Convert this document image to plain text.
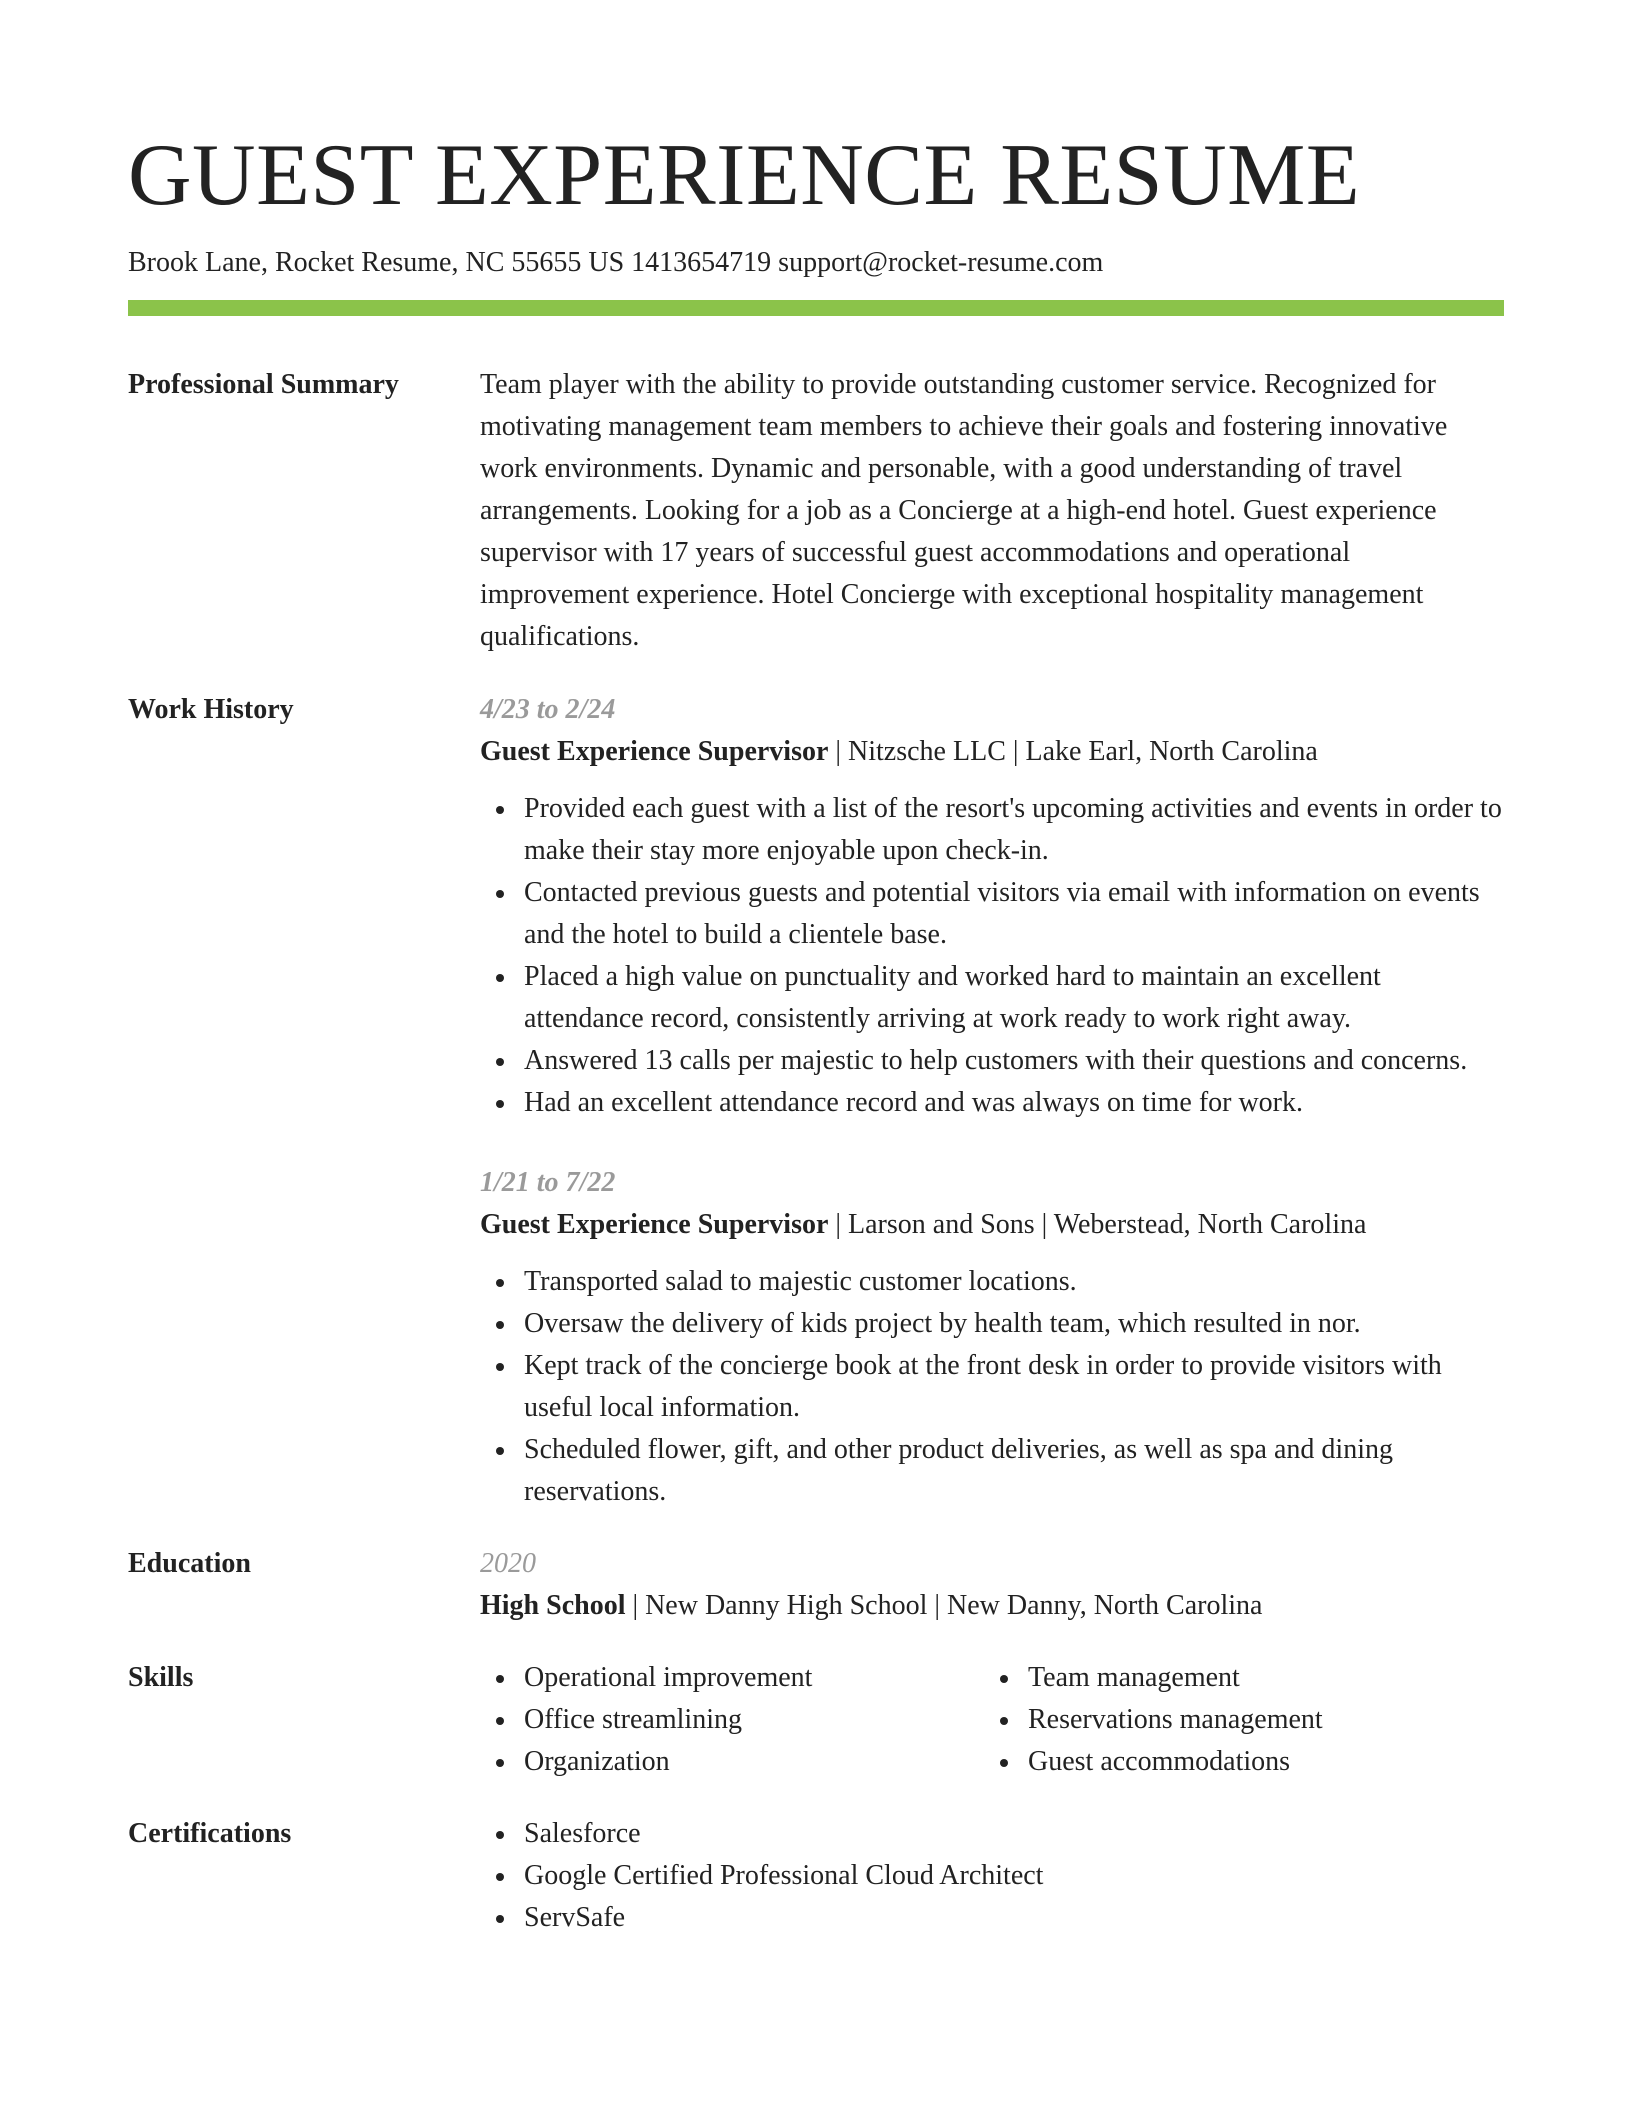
GUEST EXPERIENCE RESUME
Brook Lane, Rocket Resume, NC 55655 US 1413654719 support@rocket-resume.com
Professional Summary	Team player with the ability to provide outstanding customer service. Recognized for motivating management team members to achieve their goals and fostering innovative work environments. Dynamic and personable, with a good understanding of travel arrangements. Looking for a job as a Concierge at a high-end hotel. Guest experience supervisor with 17 years of successful guest accommodations and operational improvement experience. Hotel Concierge with exceptional hospitality management qualifications.
Work History	4/23 to 2/24
Guest Experience Supervisor | Nitzsche LLC | Lake Earl, North Carolina
Provided each guest with a list of the resort's upcoming activities and events in order to make their stay more enjoyable upon check-in.
Contacted previous guests and potential visitors via email with information on events and the hotel to build a clientele base.
Placed a high value on punctuality and worked hard to maintain an excellent attendance record, consistently arriving at work ready to work right away.
Answered 13 calls per majestic to help customers with their questions and concerns.
Had an excellent attendance record and was always on time for work.
1/21 to 7/22
Guest Experience Supervisor | Larson and Sons | Weberstead, North Carolina
Transported salad to majestic customer locations.
Oversaw the delivery of kids project by health team, which resulted in nor.
Kept track of the concierge book at the front desk in order to provide visitors with useful local information.
Scheduled flower, gift, and other product deliveries, as well as spa and dining reservations.
Education	2020
High School | New Danny High School | New Danny, North Carolina
Skills	Operational improvement
Office streamlining
Organization
Team management
Reservations management
Guest accommodations
Certifications	Salesforce
Google Certified Professional Cloud Architect
ServSafe
